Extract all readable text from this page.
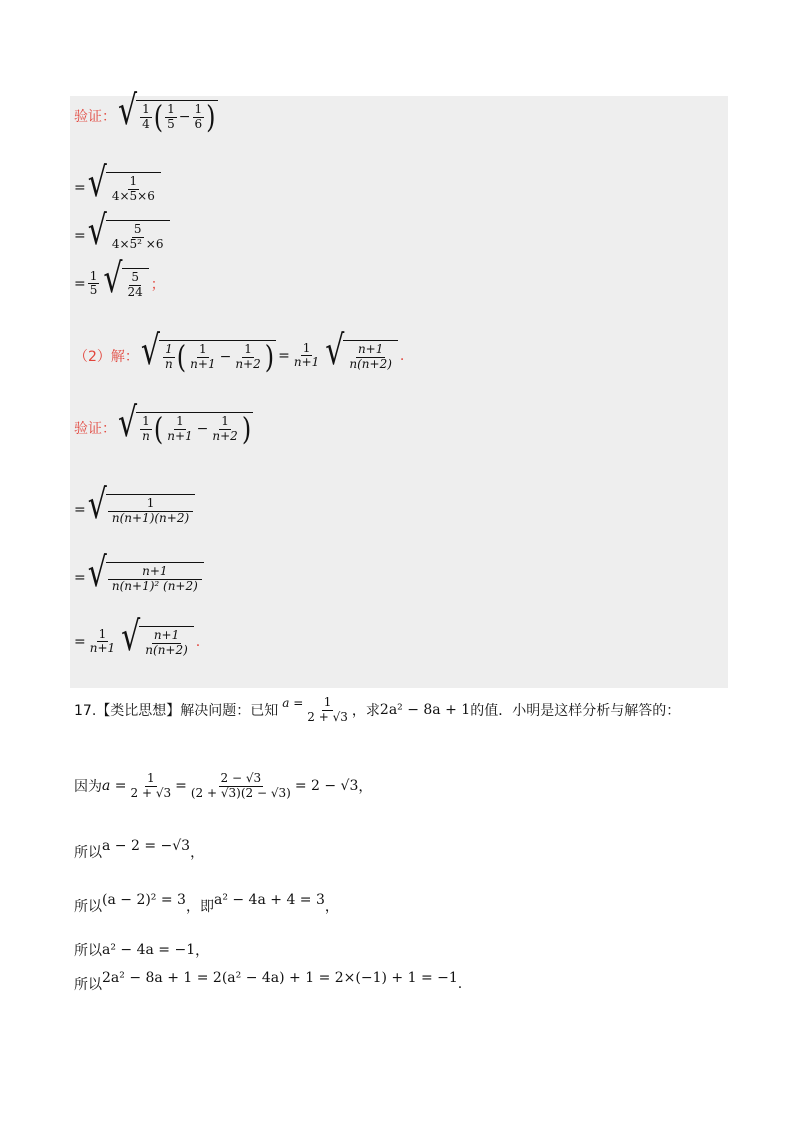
验证： √ $\frac{1}{4}$ ( $\frac{1}{5} - \frac{1}{6}$ )
= √ $\frac{1}{4\times 5\times 6}$
= √ $\frac{5}{\text{4×5² ×6}}$
= $\frac{1}{5}$ √ $\frac{5}{24}$ ；
（2）解： √ $\frac{1}{n}$ ( $\frac{1}{n+1} - \frac{1}{n+2}$ ) = $\frac{1}{n+1}$ √ $\frac{n+1}{n(n+2)}$ .
验证： √ $\frac{1}{n}$ ( $\frac{1}{n+1} - \frac{1}{n+2}$ )
= √ $\frac{1}{n(n+1)(n+2)}$
= √ $\frac{n+1}{\text{n(n+1)² (n+2)}}$
= $\frac{1}{n+1}$ √ $\frac{n+1}{n(n+2)}$ .
17.【类比思想】解决问题：已知
$a = \frac{1}{2 + √3}$ ，求 2a² − 8a + 1 的值．小明是这样分析与解答的：
因为 $a = \frac{1}{2 + √3} = \frac{2 - √3}{(2 + √3)(2 - √3)} = 2 - √3$ ，
所以 a − 2 = −√3 ，
所以 (a − 2)² = 3 ，即 a² − 4a + 4 = 3 ，
所以 a² − 4a = −1 ，
所以 2a² − 8a + 1 = 2(a² − 4a) + 1 = 2×(−1) + 1 = −1 .
